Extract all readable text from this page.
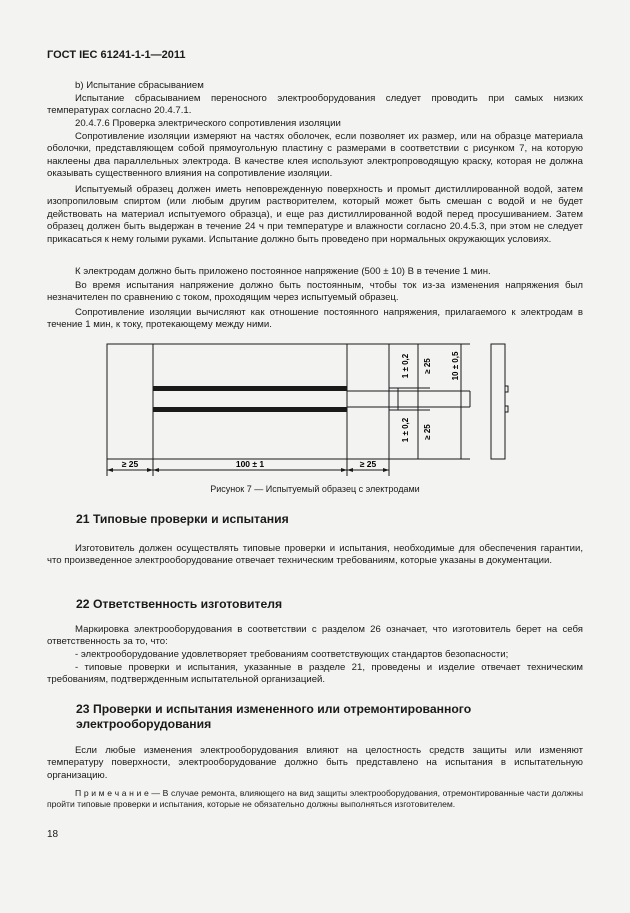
ГОСТ IEC 61241-1-1—2011
b) Испытание сбрасыванием
Испытание сбрасыванием переносного электрооборудования следует проводить при самых низких температурах согласно 20.4.7.1.
20.4.7.6 Проверка электрического сопротивления изоляции
Сопротивление изоляции измеряют на частях оболочек, если позволяет их размер, или на образце материала оболочки, представляющем собой прямоугольную пластину с размерами в соответствии с рисунком 7, на которую наклеены два параллельных электрода. В качестве клея используют электропроводящую краску, которая не должна оказывать существенного влияния на сопротивление изоляции.
Испытуемый образец должен иметь неповрежденную поверхность и промыт дистиллированной водой, затем изопропиловым спиртом (или любым другим растворителем, который может быть смешан с водой и не будет действовать на материал испытуемого образца), и еще раз дистиллированной водой перед просушиванием. Затем образец должен быть выдержан в течение 24 ч при температуре и влажности согласно 20.4.5.3, при этом не следует прикасаться к нему голыми руками. Испытание должно быть проведено при нормальных окружающих условиях.
К электродам должно быть приложено постоянное напряжение (500 ± 10) В в течение 1 мин.
Во время испытания напряжение должно быть постоянным, чтобы ток из-за изменения напряжения был незначителен по сравнению с током, проходящим через испытуемый образец.
Сопротивление изоляции вычисляют как отношение постоянного напряжения, прилагаемого к электродам в течение 1 мин, к току, протекающему между ними.
≥ 25	100 ± 1	≥ 25
1 ± 0,2 ≥ 25 10 ± 0,5
1 ± 0,2 ≥ 25
Рисунок 7 — Испытуемый образец с электродами
21 Типовые проверки и испытания
Изготовитель должен осуществлять типовые проверки и испытания, необходимые для обеспечения гарантии, что произведенное электрооборудование отвечает техническим требованиям, которые указаны в документации.
22 Ответственность изготовителя
Маркировка электрооборудования в соответствии с разделом 26 означает, что изготовитель берет на себя ответственность за то, что:
- электрооборудование удовлетворяет требованиям соответствующих стандартов безопасности;
- типовые проверки и испытания, указанные в разделе 21, проведены и изделие отвечает техническим требованиям, подтвержденным испытательной организацией.
23 Проверки и испытания измененного или отремонтированного электрооборудования
Если любые изменения электрооборудования влияют на целостность средств защиты или изменяют температуру поверхности, электрооборудование должно быть представлено на испытания в испытательную организацию.
П р и м е ч а н и е — В случае ремонта, влияющего на вид защиты электрооборудования, отремонтированные части должны пройти типовые проверки и испытания, которые не обязательно должны выполняться изготовителем.
18
